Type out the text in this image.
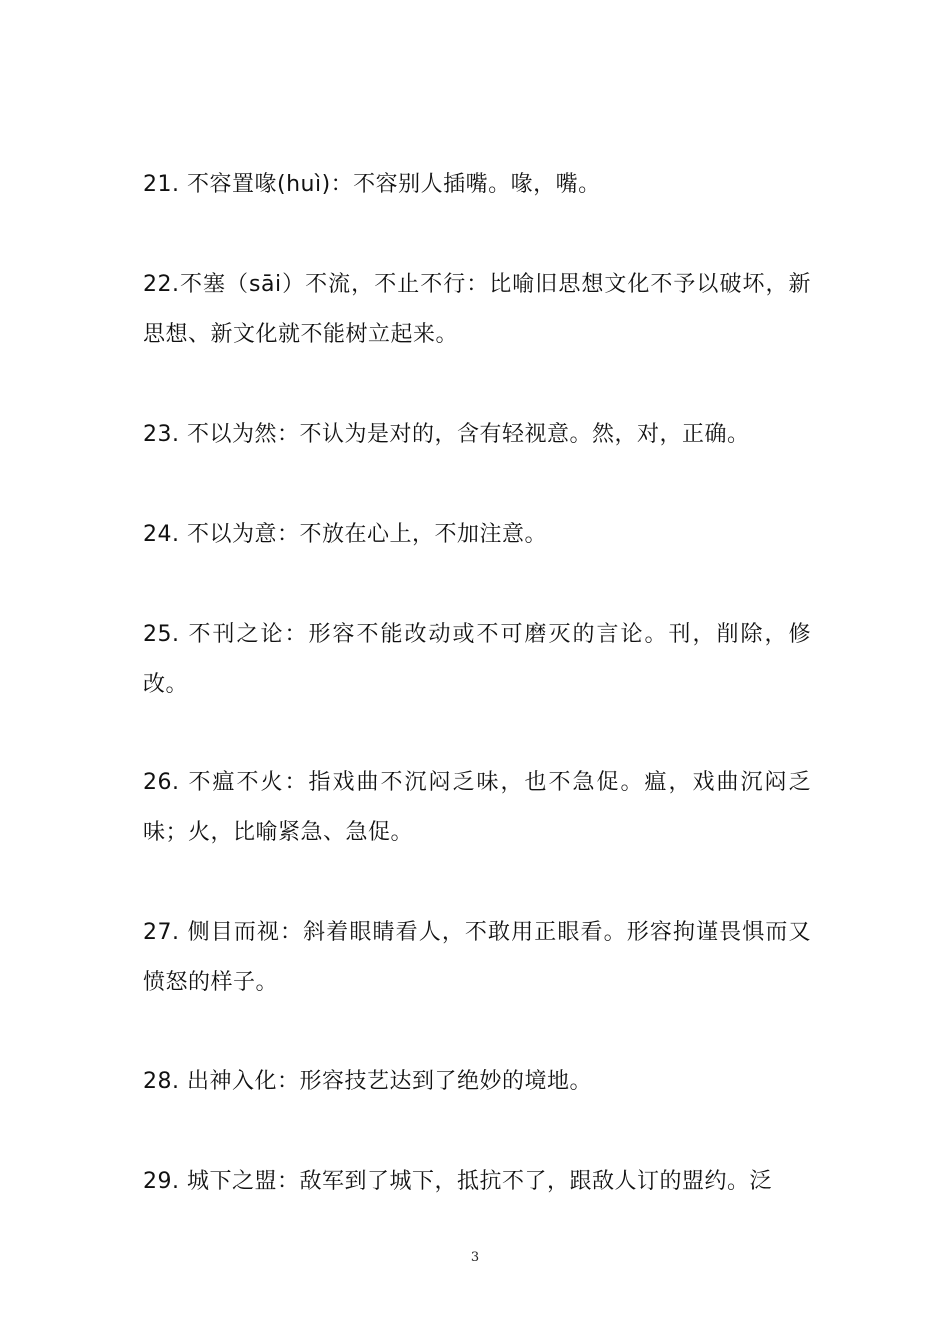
21. 不容置喙(huì)：不容别人插嘴。喙，嘴。

22.不塞（sāi）不流，不止不行：比喻旧思想文化不予以破坏，新思想、新文化就不能树立起来。

23. 不以为然：不认为是对的，含有轻视意。然，对，正确。

24. 不以为意：不放在心上，不加注意。

25. 不刊之论：形容不能改动或不可磨灭的言论。刊，削除，修改。

26. 不瘟不火：指戏曲不沉闷乏味，也不急促。瘟，戏曲沉闷乏味；火，比喻紧急、急促。

27. 侧目而视：斜着眼睛看人，不敢用正眼看。形容拘谨畏惧而又愤怒的样子。

28. 出神入化：形容技艺达到了绝妙的境地。

29. 城下之盟：敌军到了城下，抵抗不了，跟敌人订的盟约。泛

3
